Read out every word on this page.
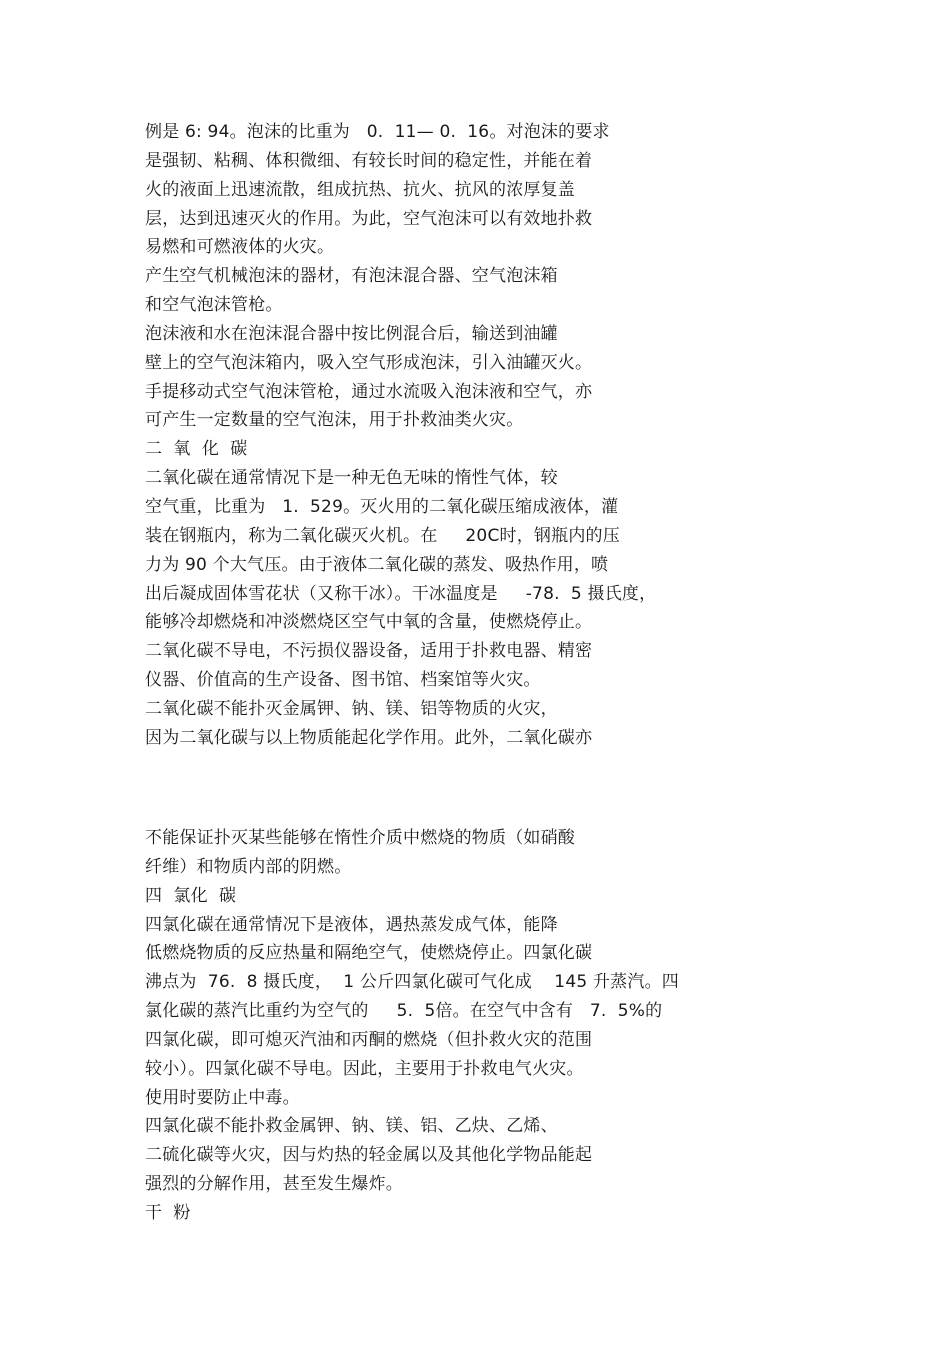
例是 6: 94。泡沫的比重为   0.  11— 0.  16。对泡沫的要求
是强韧、粘稠、体积微细、有较长时间的稳定性，并能在着
火的液面上迅速流散，组成抗热、抗火、抗风的浓厚复盖
层，达到迅速灭火的作用。为此，空气泡沫可以有效地扑救
易燃和可燃液体的火灾。
产生空气机械泡沫的器材，有泡沫混合器、空气泡沫箱
和空气泡沫管枪。
泡沫液和水在泡沫混合器中按比例混合后，输送到油罐
壁上的空气泡沫箱内，吸入空气形成泡沫，引入油罐灭火。
手提移动式空气泡沫管枪，通过水流吸入泡沫液和空气，亦
可产生一定数量的空气泡沫，用于扑救油类火灾。
二  氧  化  碳
二氧化碳在通常情况下是一种无色无味的惰性气体，较
空气重，比重为   1.  529。灭火用的二氧化碳压缩成液体，灌
装在钢瓶内，称为二氧化碳灭火机。在     20C时，钢瓶内的压
力为 90 个大气压。由于液体二氧化碳的蒸发、吸热作用，喷
出后凝成固体雪花状（又称干冰）。干冰温度是     -78.  5 摄氏度，
能够冷却燃烧和冲淡燃烧区空气中氧的含量，使燃烧停止。
二氧化碳不导电，不污损仪器设备，适用于扑救电器、精密
仪器、价值高的生产设备、图书馆、档案馆等火灾。
二氧化碳不能扑灭金属钾、钠、镁、铝等物质的火灾，
因为二氧化碳与以上物质能起化学作用。此外，二氧化碳亦
不能保证扑灭某些能够在惰性介质中燃烧的物质（如硝酸
纤维）和物质内部的阴燃。
四  氯化  碳
四氯化碳在通常情况下是液体，遇热蒸发成气体，能降
低燃烧物质的反应热量和隔绝空气，使燃烧停止。四氯化碳
沸点为  76.  8 摄氏度，  1 公斤四氯化碳可气化成    145 升蒸汽。四
氯化碳的蒸汽比重约为空气的     5.  5倍。在空气中含有   7.  5%的
四氯化碳，即可熄灭汽油和丙酮的燃烧（但扑救火灾的范围
较小）。四氯化碳不导电。因此，主要用于扑救电气火灾。
使用时要防止中毒。
四氯化碳不能扑救金属钾、钠、镁、铝、乙炔、乙烯、
二硫化碳等火灾，因与灼热的轻金属以及其他化学物品能起
强烈的分解作用，甚至发生爆炸。
干  粉
